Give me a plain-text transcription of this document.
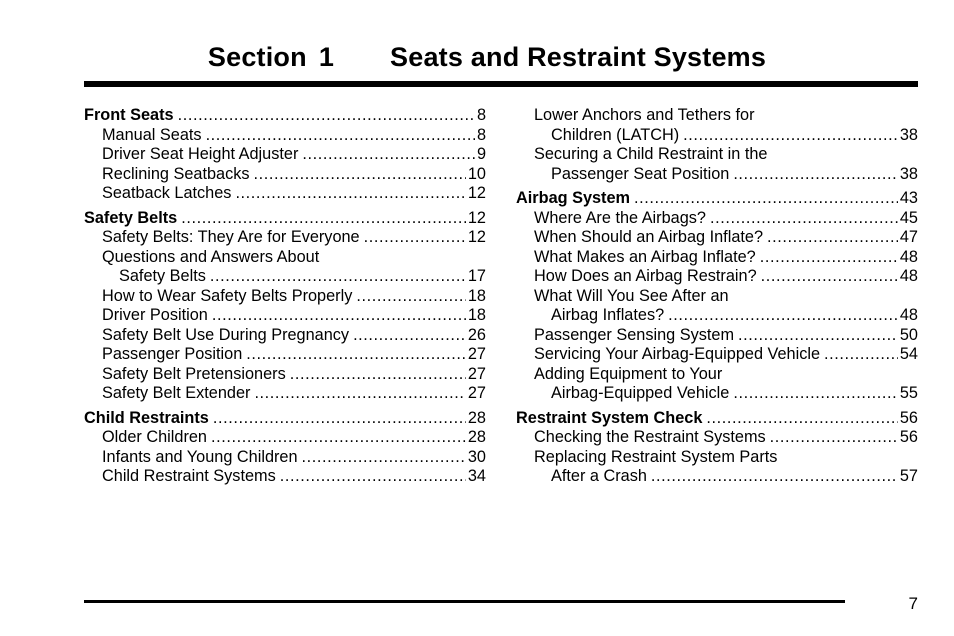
Section 1 Seats and Restraint Systems
Front Seats .....	8
Manual Seats .....	8
Driver Seat Height Adjuster .....	9
Reclining Seatbacks .....	10
Seatback Latches .....	12
Safety Belts .....	12
Safety Belts: They Are for Everyone .....	12
Questions and Answers About
Safety Belts .....	17
How to Wear Safety Belts Properly .....	18
Driver Position .....	18
Safety Belt Use During Pregnancy .....	26
Passenger Position .....	27
Safety Belt Pretensioners .....	27
Safety Belt Extender .....	27
Child Restraints .....	28
Older Children .....	28
Infants and Young Children .....	30
Child Restraint Systems .....	34
Lower Anchors and Tethers for
Children (LATCH) .....	38
Securing a Child Restraint in the
Passenger Seat Position .....	38
Airbag System .....	43
Where Are the Airbags? .....	45
When Should an Airbag Inflate? .....	47
What Makes an Airbag Inflate? .....	48
How Does an Airbag Restrain? .....	48
What Will You See After an
Airbag Inflates? .....	48
Passenger Sensing System .....	50
Servicing Your Airbag-Equipped Vehicle .....	54
Adding Equipment to Your
Airbag-Equipped Vehicle .....	55
Restraint System Check .....	56
Checking the Restraint Systems .....	56
Replacing Restraint System Parts
After a Crash .....	57
7
